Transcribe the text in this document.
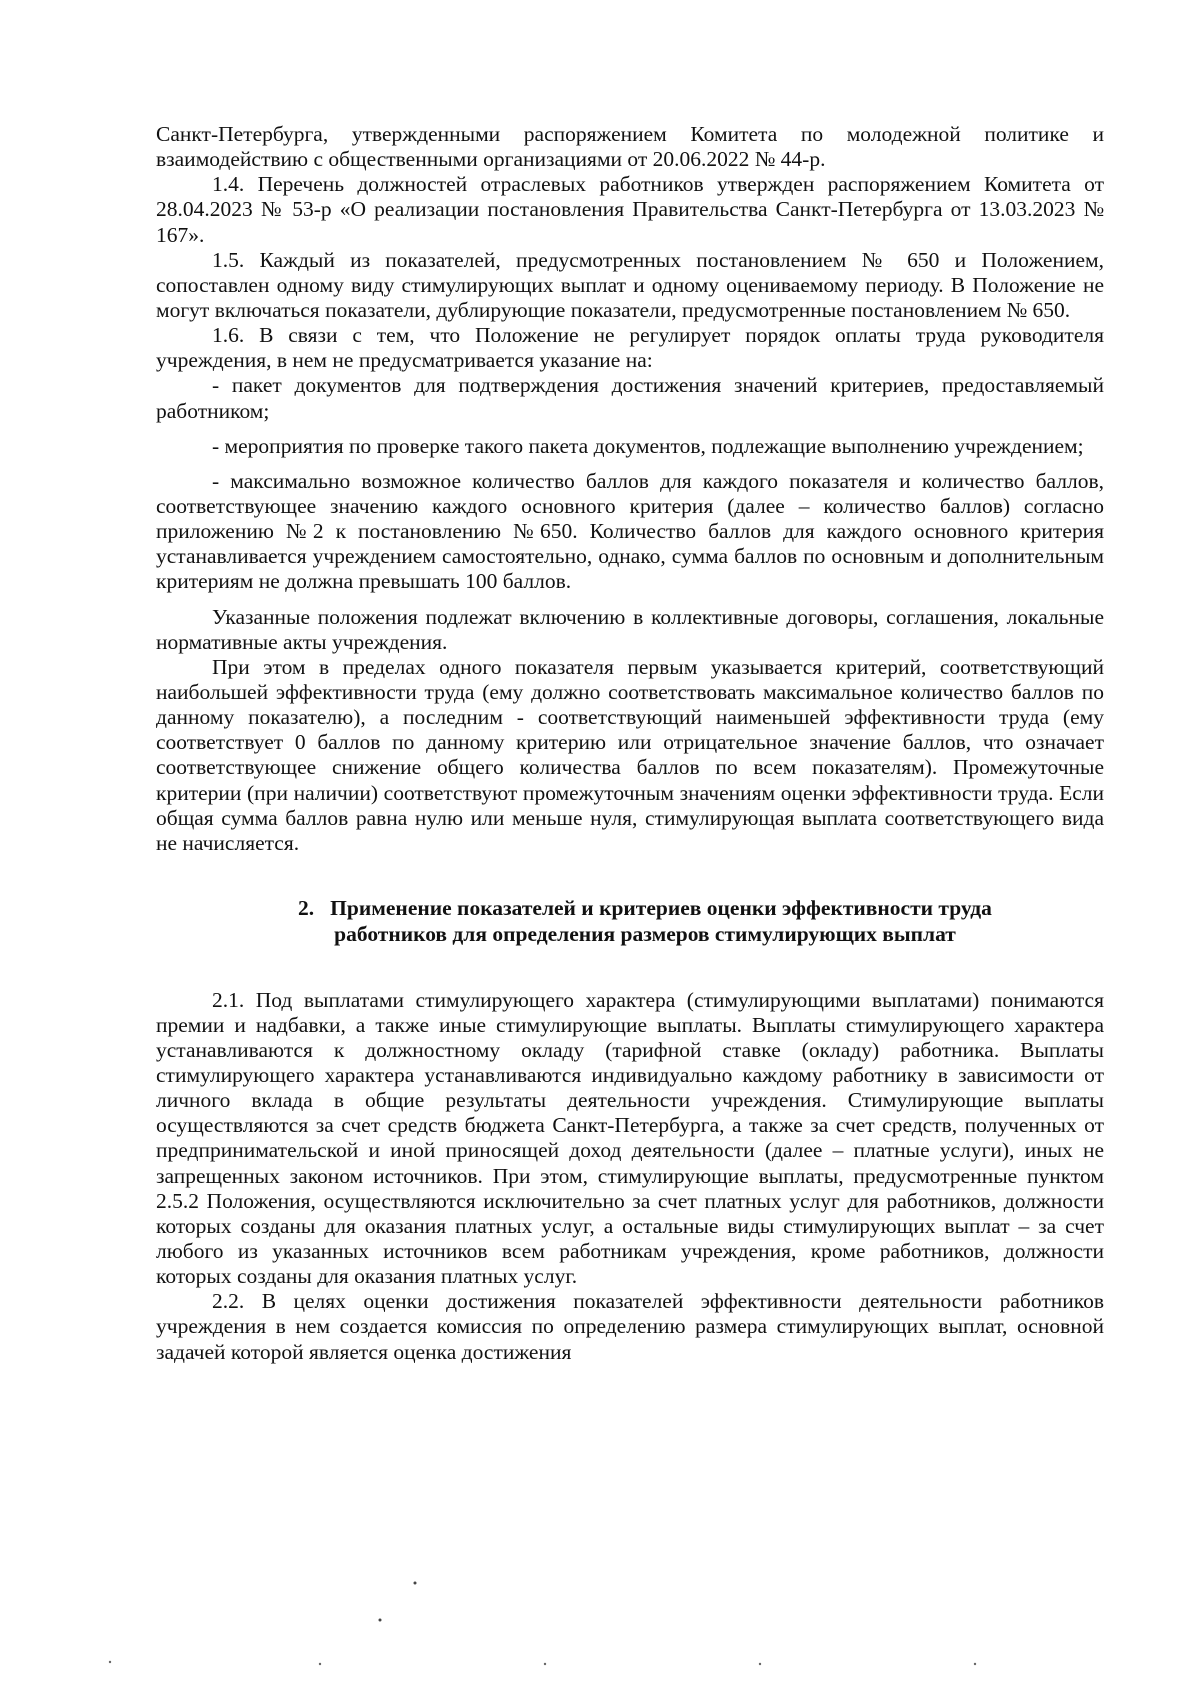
Санкт-Петербурга, утвержденными распоряжением Комитета по молодежной политике и взаимодействию с общественными организациями от 20.06.2022 № 44-р.

1.4. Перечень должностей отраслевых работников утвержден распоряжением Комитета от 28.04.2023 № 53-р «О реализации постановления Правительства Санкт-Петербурга от 13.03.2023 № 167».

1.5. Каждый из показателей, предусмотренных постановлением № 650 и Положением, сопоставлен одному виду стимулирующих выплат и одному оцениваемому периоду. В Положение не могут включаться показатели, дублирующие показатели, предусмотренные постановлением № 650.

1.6. В связи с тем, что Положение не регулирует порядок оплаты труда руководителя учреждения, в нем не предусматривается указание на:

- пакет документов для подтверждения достижения значений критериев, предоставляемый работником;

- мероприятия по проверке такого пакета документов, подлежащие выполнению учреждением;

- максимально возможное количество баллов для каждого показателя и количество баллов, соответствующее значению каждого основного критерия (далее – количество баллов) согласно приложению №2 к постановлению №650. Количество баллов для каждого основного критерия устанавливается учреждением самостоятельно, однако, сумма баллов по основным и дополнительным критериям не должна превышать 100 баллов.

Указанные положения подлежат включению в коллективные договоры, соглашения, локальные нормативные акты учреждения.

При этом в пределах одного показателя первым указывается критерий, соответствующий наибольшей эффективности труда (ему должно соответствовать максимальное количество баллов по данному показателю), а последним - соответствующий наименьшей эффективности труда (ему соответствует 0 баллов по данному критерию или отрицательное значение баллов, что означает соответствующее снижение общего количества баллов по всем показателям). Промежуточные критерии (при наличии) соответствуют промежуточным значениям оценки эффективности труда. Если общая сумма баллов равна нулю или меньше нуля, стимулирующая выплата соответствующего вида не начисляется.

2. Применение показателей и критериев оценки эффективности труда
работников для определения размеров стимулирующих выплат

2.1. Под выплатами стимулирующего характера (стимулирующими выплатами) понимаются премии и надбавки, а также иные стимулирующие выплаты. Выплаты стимулирующего характера устанавливаются к должностному окладу (тарифной ставке (окладу) работника. Выплаты стимулирующего характера устанавливаются индивидуально каждому работнику в зависимости от личного вклада в общие результаты деятельности учреждения. Стимулирующие выплаты осуществляются за счет средств бюджета Санкт-Петербурга, а также за счет средств, полученных от предпринимательской и иной приносящей доход деятельности (далее – платные услуги), иных не запрещенных законом источников. При этом, стимулирующие выплаты, предусмотренные пунктом 2.5.2 Положения, осуществляются исключительно за счет платных услуг для работников, должности которых созданы для оказания платных услуг, а остальные виды стимулирующих выплат – за счет любого из указанных источников всем работникам учреждения, кроме работников, должности которых созданы для оказания платных услуг.

2.2. В целях оценки достижения показателей эффективности деятельности работников учреждения в нем создается комиссия по определению размера стимулирующих выплат, основной задачей которой является оценка достижения
